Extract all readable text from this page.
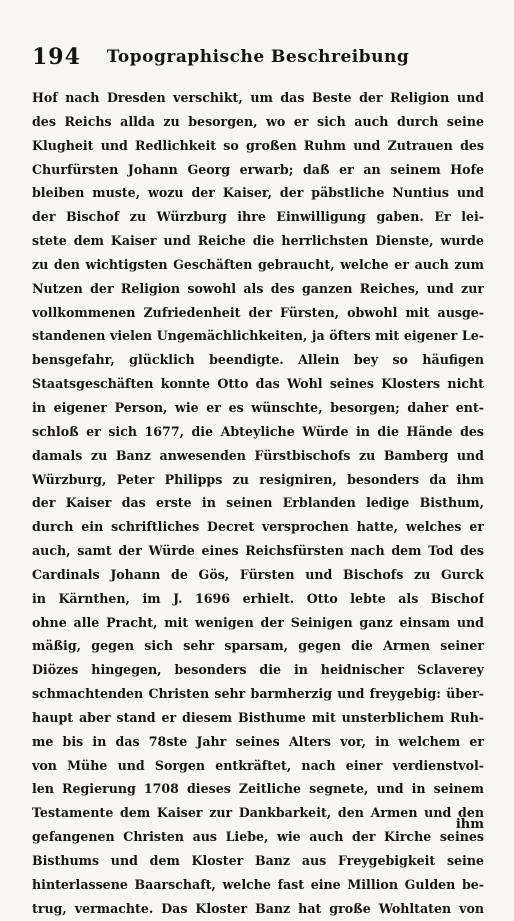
194	Topographische Beschreibung
Hof nach Dresden verschikt, um das Beste der Religion und
des Reichs allda zu besorgen, wo er sich auch durch seine
Klugheit und Redlichkeit so großen Ruhm und Zutrauen des
Churfürsten Johann Georg erwarb; daß er an seinem Hofe
bleiben muste, wozu der Kaiser, der päbstliche Nuntius und
der Bischof zu Würzburg ihre Einwilligung gaben. Er lei-
stete dem Kaiser und Reiche die herrlichsten Dienste, wurde
zu den wichtigsten Geschäften gebraucht, welche er auch zum
Nutzen der Religion sowohl als des ganzen Reiches, und zur
vollkommenen Zufriedenheit der Fürsten, obwohl mit ausge-
standenen vielen Ungemächlichkeiten, ja öfters mit eigener Le-
bensgefahr, glücklich beendigte. Allein bey so häufigen
Staatsgeschäften konnte Otto das Wohl seines Klosters nicht
in eigener Person, wie er es wünschte, besorgen; daher ent-
schloß er sich 1677, die Abteyliche Würde in die Hände des
damals zu Banz anwesenden Fürstbischofs zu Bamberg und
Würzburg, Peter Philipps zu resigniren, besonders da ihm
der Kaiser das erste in seinen Erblanden ledige Bisthum,
durch ein schriftliches Decret versprochen hatte, welches er
auch, samt der Würde eines Reichsfürsten nach dem Tod des
Cardinals Johann de Gös, Fürsten und Bischofs zu Gurck
in Kärnthen, im J. 1696 erhielt. Otto lebte als Bischof
ohne alle Pracht, mit wenigen der Seinigen ganz einsam und
mäßig, gegen sich sehr sparsam, gegen die Armen seiner
Diözes hingegen, besonders die in heidnischer Sclaverey
schmachtenden Christen sehr barmherzig und freygebig: über-
haupt aber stand er diesem Bisthume mit unsterblichem Ruh-
me bis in das 78ste Jahr seines Alters vor, in welchem er
von Mühe und Sorgen entkräftet, nach einer verdienstvol-
len Regierung 1708 dieses Zeitliche segnete, und in seinem
Testamente dem Kaiser zur Dankbarkeit, den Armen und den
gefangenen Christen aus Liebe, wie auch der Kirche seines
Bisthums und dem Kloster Banz aus Freygebigkeit seine
hinterlassene Baarschaft, welche fast eine Million Gulden be-
trug, vermachte. Das Kloster Banz hat große Wohltaten von
ihm
